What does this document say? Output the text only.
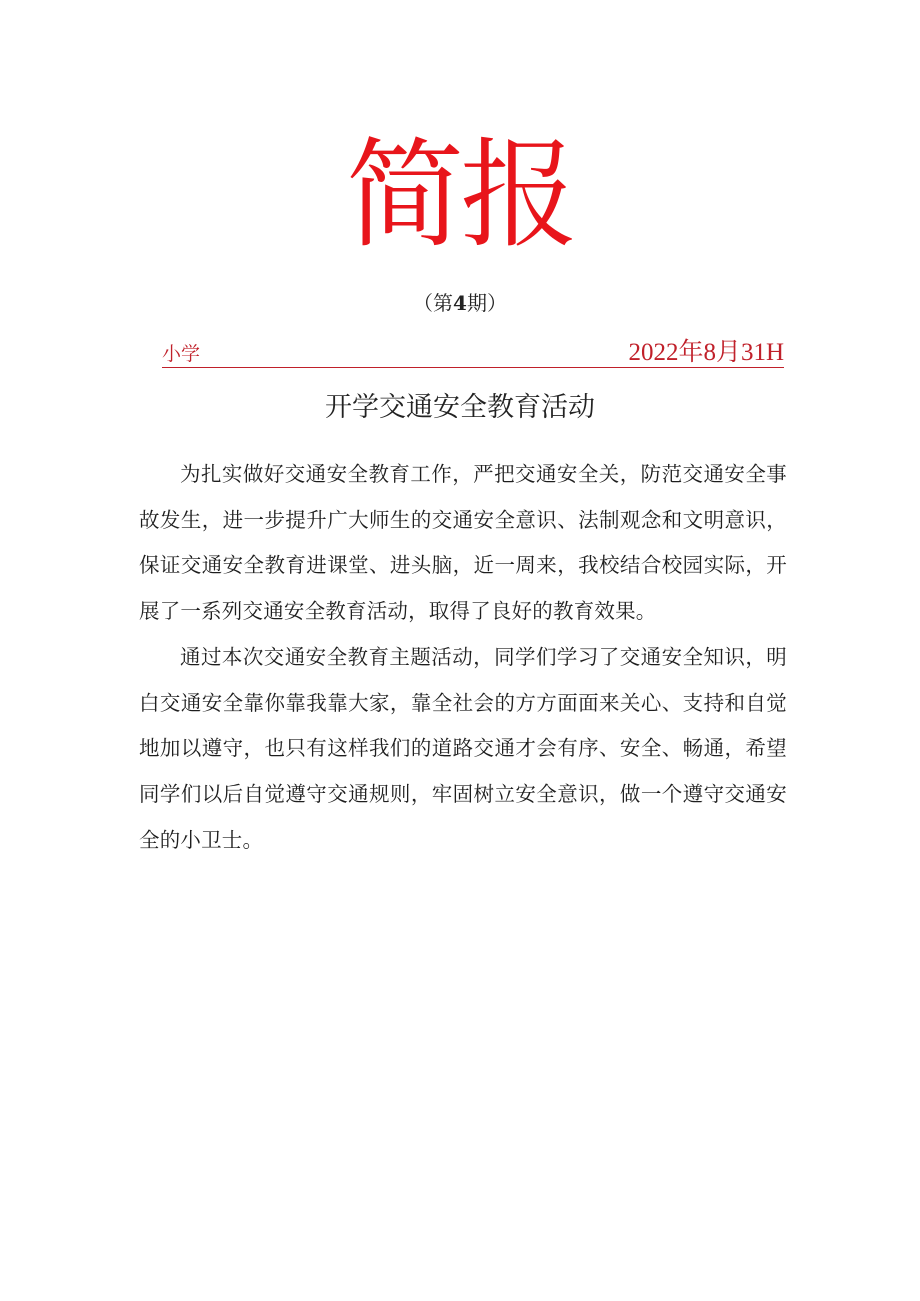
简报
（第4期）
小学	2022年8月31H
开学交通安全教育活动

为扎实做好交通安全教育工作，严把交通安全关，防范交通安全事故发生，进一步提升广大师生的交通安全意识、法制观念和文明意识，保证交通安全教育进课堂、进头脑，近一周来，我校结合校园实际，开展了一系列交通安全教育活动，取得了良好的教育效果。

通过本次交通安全教育主题活动，同学们学习了交通安全知识，明白交通安全靠你靠我靠大家，靠全社会的方方面面来关心、支持和自觉地加以遵守，也只有这样我们的道路交通才会有序、安全、畅通，希望同学们以后自觉遵守交通规则，牢固树立安全意识，做一个遵守交通安全的小卫士。
